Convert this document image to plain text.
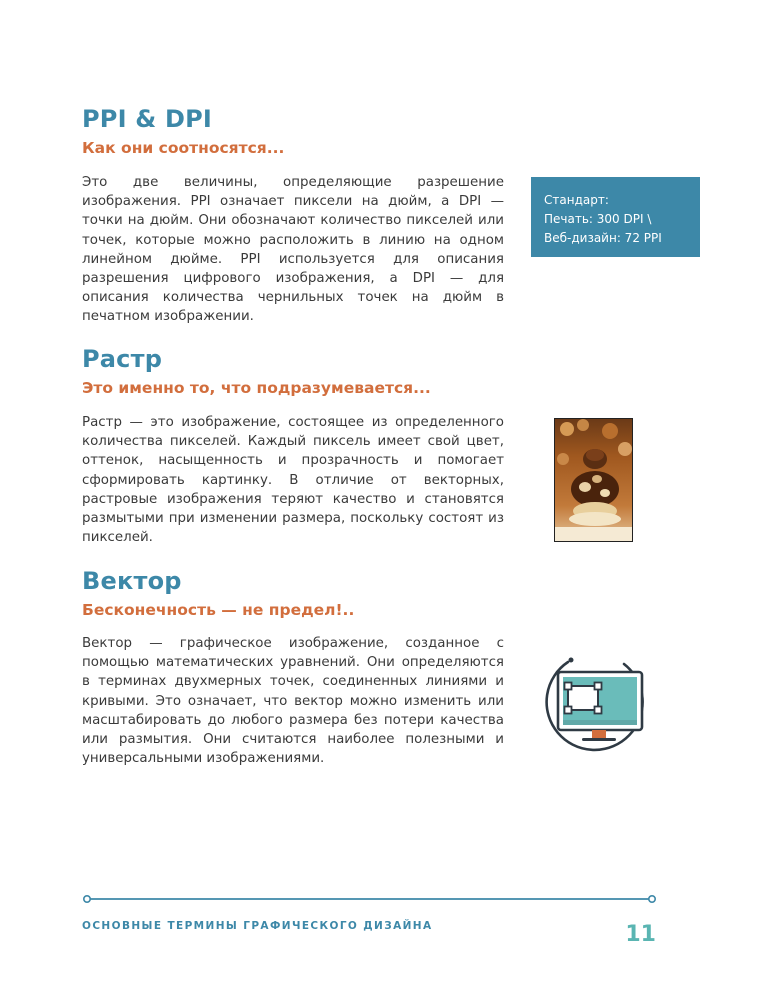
PPI & DPI
Как они соотносятся...

Это две величины, определяющие разрешение изображения. PPI означает пиксели на дюйм, а DPI — точки на дюйм. Они обозначают количество пикселей или точек, которые можно расположить в линию на одном линейном дюйме. PPI используется для описания разрешения цифрового изображения, а DPI — для описания количества чернильных точек на дюйм в печатном изображении.

Стандарт:
Печать: 300 DPI \
Веб-дизайн: 72 PPI
Растр
Это именно то, что подразумевается...

Растр — это изображение, состоящее из определенного количества пикселей. Каждый пиксель имеет свой цвет, оттенок, насыщенность и прозрачность и помогает сформировать картинку. В отличие от векторных, растровые изображения теряют качество и становятся размытыми при изменении размера, поскольку состоят из пикселей.

Вектор
Бесконечность — не предел!..

Вектор — графическое изображение, созданное с помощью математических уравнений. Они определяются в терминах двухмерных точек, соединенных линиями и кривыми. Это означает, что вектор можно изменить или масштабировать до любого размера без потери качества или размытия. Они считаются наиболее полезными и универсальными изображениями.

ОСНОВНЫЕ ТЕРМИНЫ ГРАФИЧЕСКОГО ДИЗАЙНА	11
